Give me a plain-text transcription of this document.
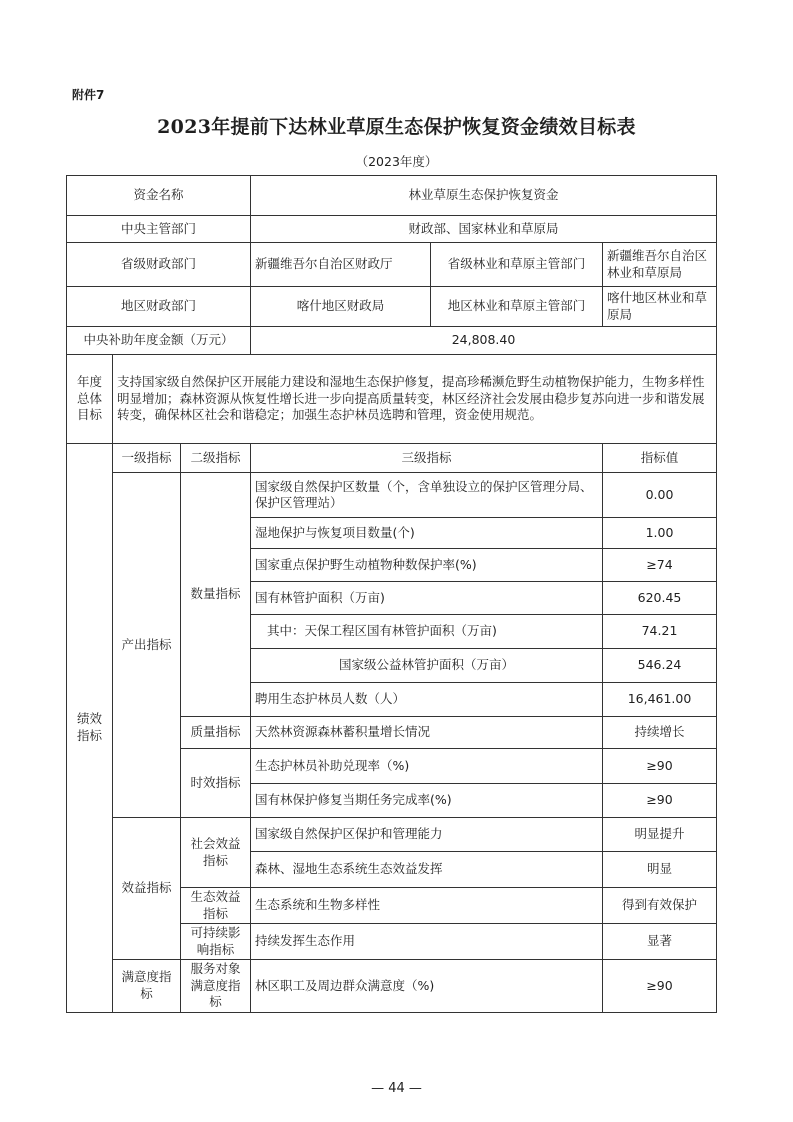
附件7
2023年提前下达林业草原生态保护恢复资金绩效目标表
（2023年度）
资金名称			林业草原生态保护恢复资金		
中央主管部门			财政部、国家林业和草原局		
省级财政部门			新疆维吾尔自治区财政厅	省级林业和草原主管部门	新疆维吾尔自治区林业和草原局
地区财政部门			喀什地区财政局	地区林业和草原主管部门	喀什地区林业和草原局
中央补助年度金额（万元）			24,808.40		
年度总体目标	支持国家级自然保护区开展能力建设和湿地生态保护修复，提高珍稀濒危野生动植物保护能力，生物多样性明显增加；森林资源从恢复性增长进一步向提高质量转变，林区经济社会发展由稳步复苏向进一步和谐发展转变，确保林区社会和谐稳定；加强生态护林员选聘和管理，资金使用规范。				
绩效指标	一级指标	二级指标	三级指标		指标值
	产出指标	数量指标	国家级自然保护区数量（个，含单独设立的保护区管理分局、保护区管理站）		0.00
			湿地保护与恢复项目数量(个)		1.00
			国家重点保护野生动植物种数保护率(%)		≥74
			国有林管护面积（万亩)		620.45
			其中：天保工程区国有林管护面积（万亩)		74.21
			国家级公益林管护面积（万亩）		546.24
			聘用生态护林员人数（人）		16,461.00
		质量指标	天然林资源森林蓄积量增长情况		持续增长
		时效指标	生态护林员补助兑现率（%)		≥90
			国有林保护修复当期任务完成率(%)		≥90
	效益指标	社会效益指标	国家级自然保护区保护和管理能力		明显提升
			森林、湿地生态系统生态效益发挥		明显
		生态效益指标	生态系统和生物多样性		得到有效保护
		可持续影响指标	持续发挥生态作用		显著
	满意度指标	服务对象满意度指标	林区职工及周边群众满意度（%)		≥90
— 44 —
